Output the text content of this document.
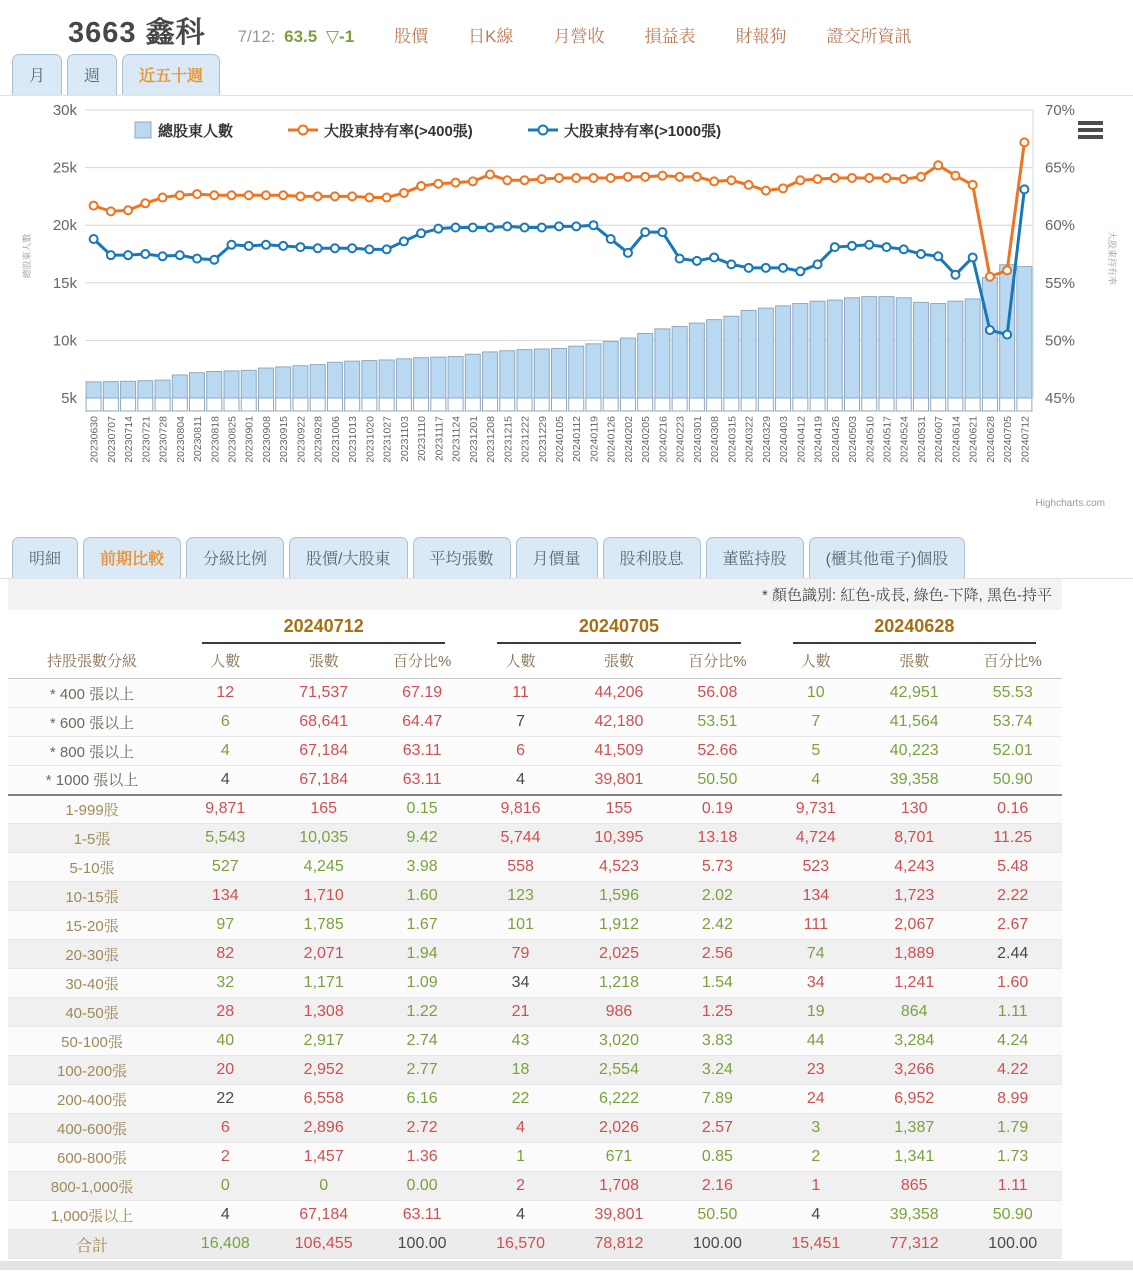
3663 鑫科 7/12: 63.5 ▽-1 股價 日K線 月營收 損益表 財報狗 證交所資訊
月	週	近五十週
30k	70%
25k	65%
20k	60%
15k	55%
10k	50%
5k	45%
20230630 20230707 20230714 20230721 20230728 20230804 20230811 20230818 20230825 20230901 20230908 20230915 20230922 20230928 20231006 20231013 20231020 20231027 20231103 20231110 20231117 20231124 20231201 20231208 20231215 20231222 20231229 20240105 20240112 20240119 20240126 20240202 20240205 20240216 20240223 20240301 20240308 20240315 20240322 20240329 20240403 20240412 20240419 20240426 20240503 20240510 20240517 20240524 20240531 20240607 20240614 20240621 20240628 20240705 20240712
總股東人數	大股東持有率
總股東人數	大股東持有率(>400張)	大股東持有率(>1000張)
Highcharts.com
明細	前期比較	分級比例	股價/大股東	平均張數	月價量	股利股息	董監持股	(櫃其他電子)個股
* 顏色識別: 紅色-成長, 綠色-下降, 黑色-持平

	20240712			20240705			20240628		

持股張數分級	人數	張數	百分比%	人數	張數	百分比%	人數	張數	百分比%
* 400 張以上	12	71,537	67.19	11	44,206	56.08	10	42,951	55.53
* 600 張以上	6	68,641	64.47	7	42,180	53.51	7	41,564	53.74
* 800 張以上	4	67,184	63.11	6	41,509	52.66	5	40,223	52.01
* 1000 張以上	4	67,184	63.11	4	39,801	50.50	4	39,358	50.90
1-999股	9,871	165	0.15	9,816	155	0.19	9,731	130	0.16
1-5張	5,543	10,035	9.42	5,744	10,395	13.18	4,724	8,701	11.25
5-10張	527	4,245	3.98	558	4,523	5.73	523	4,243	5.48
10-15張	134	1,710	1.60	123	1,596	2.02	134	1,723	2.22
15-20張	97	1,785	1.67	101	1,912	2.42	111	2,067	2.67
20-30張	82	2,071	1.94	79	2,025	2.56	74	1,889	2.44
30-40張	32	1,171	1.09	34	1,218	1.54	34	1,241	1.60
40-50張	28	1,308	1.22	21	986	1.25	19	864	1.11
50-100張	40	2,917	2.74	43	3,020	3.83	44	3,284	4.24
100-200張	20	2,952	2.77	18	2,554	3.24	23	3,266	4.22
200-400張	22	6,558	6.16	22	6,222	7.89	24	6,952	8.99
400-600張	6	2,896	2.72	4	2,026	2.57	3	1,387	1.79
600-800張	2	1,457	1.36	1	671	0.85	2	1,341	1.73
800-1,000張	0	0	0.00	2	1,708	2.16	1	865	1.11
1,000張以上	4	67,184	63.11	4	39,801	50.50	4	39,358	50.90
合計	16,408	106,455	100.00	16,570	78,812	100.00	15,451	77,312	100.00
